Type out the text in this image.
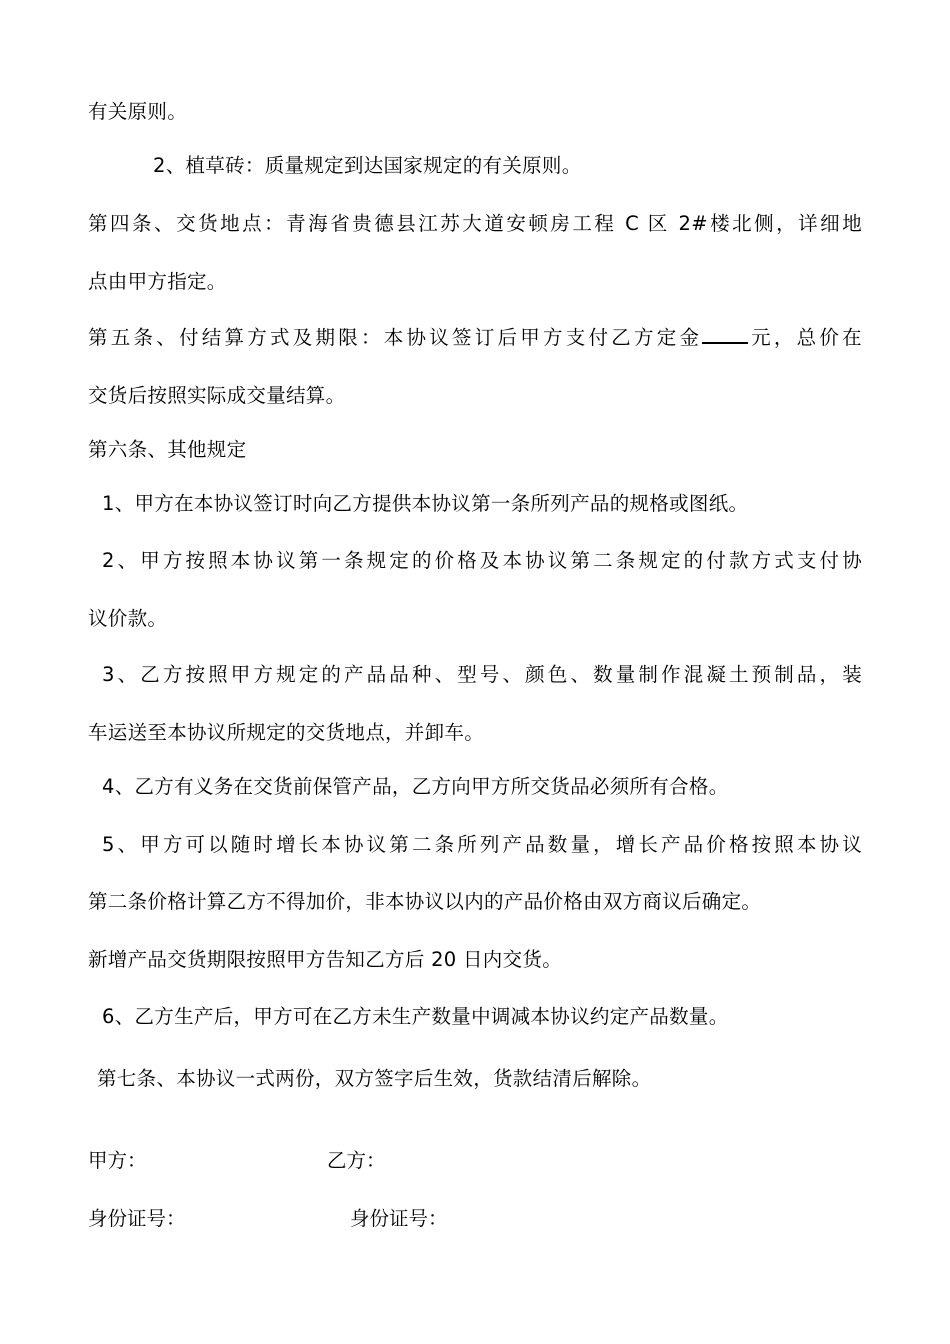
有关原则。
2、植草砖：质量规定到达国家规定的有关原则。
第四条、交货地点：青海省贵德县江苏大道安顿房工程 C 区 2#楼北侧，详细地
点由甲方指定。
第五条、付结算方式及期限：本协议签订后甲方支付乙方定金 元，总价在
交货后按照实际成交量结算。
第六条、其他规定
1、甲方在本协议签订时向乙方提供本协议第一条所列产品的规格或图纸。
2、甲方按照本协议第一条规定的价格及本协议第二条规定的付款方式支付协
议价款。
3、乙方按照甲方规定的产品品种、型号、颜色、数量制作混凝土预制品，装
车运送至本协议所规定的交货地点，并卸车。
4、乙方有义务在交货前保管产品，乙方向甲方所交货品必须所有合格。
5、甲方可以随时增长本协议第二条所列产品数量，增长产品价格按照本协议
第二条价格计算乙方不得加价，非本协议以内的产品价格由双方商议后确定。
新增产品交货期限按照甲方告知乙方后 20 日内交货。
6、乙方生产后，甲方可在乙方未生产数量中调减本协议约定产品数量。
第七条、本协议一式两份，双方签字后生效，货款结清后解除。
甲方：	乙方：
身份证号：	身份证号：
